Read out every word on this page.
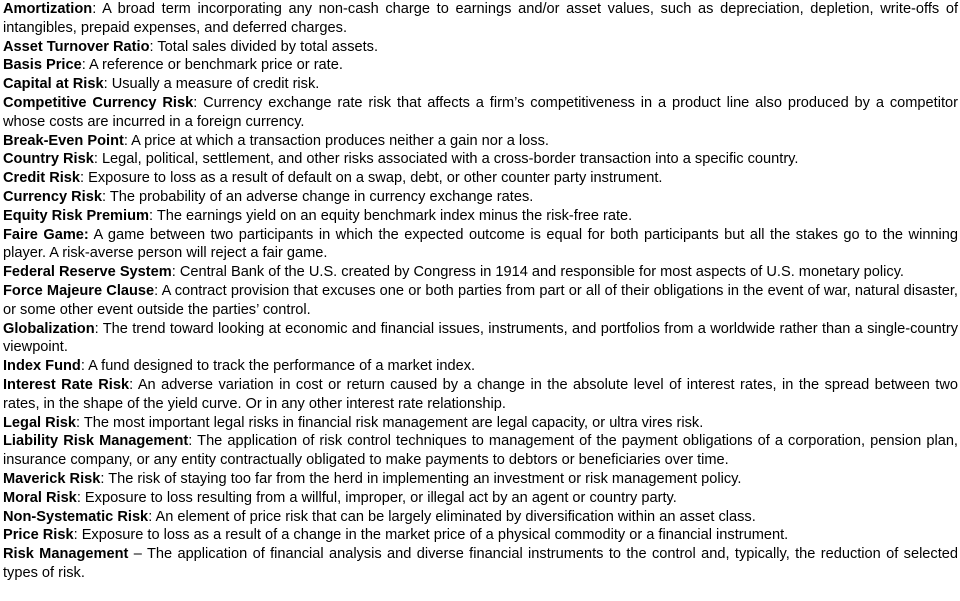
Amortization: A broad term incorporating any non-cash charge to earnings and/or asset values, such as depreciation, depletion, write-offs of intangibles, prepaid expenses, and deferred charges.

Asset Turnover Ratio: Total sales divided by total assets.

Basis Price: A reference or benchmark price or rate.

Capital at Risk: Usually a measure of credit risk.

Competitive Currency Risk: Currency exchange rate risk that affects a firm’s competitiveness in a product line also produced by a competitor whose costs are incurred in a foreign currency.

Break-Even Point: A price at which a transaction produces neither a gain nor a loss.

Country Risk: Legal, political, settlement, and other risks associated with a cross-border transaction into a specific country.

Credit Risk: Exposure to loss as a result of default on a swap, debt, or other counter party instrument.

Currency Risk: The probability of an adverse change in currency exchange rates.

Equity Risk Premium: The earnings yield on an equity benchmark index minus the risk-free rate.

Faire Game: A game between two participants in which the expected outcome is equal for both participants but all the stakes go to the winning player. A risk-averse person will reject a fair game.

Federal Reserve System: Central Bank of the U.S. created by Congress in 1914 and responsible for most aspects of U.S. monetary policy.

Force Majeure Clause: A contract provision that excuses one or both parties from part or all of their obligations in the event of war, natural disaster, or some other event outside the parties’ control.

Globalization: The trend toward looking at economic and financial issues, instruments, and portfolios from a worldwide rather than a single-country viewpoint.

Index Fund: A fund designed to track the performance of a market index.

Interest Rate Risk: An adverse variation in cost or return caused by a change in the absolute level of interest rates, in the spread between two rates, in the shape of the yield curve. Or in any other interest rate relationship.

Legal Risk: The most important legal risks in financial risk management are legal capacity, or ultra vires risk.

Liability Risk Management: The application of risk control techniques to management of the payment obligations of a corporation, pension plan, insurance company, or any entity contractually obligated to make payments to debtors or beneficiaries over time.

Maverick Risk: The risk of staying too far from the herd in implementing an investment or risk management policy.

Moral Risk: Exposure to loss resulting from a willful, improper, or illegal act by an agent or country party.

Non-Systematic Risk: An element of price risk that can be largely eliminated by diversification within an asset class.

Price Risk: Exposure to loss as a result of a change in the market price of a physical commodity or a financial instrument.

Risk Management – The application of financial analysis and diverse financial instruments to the control and, typically, the reduction of selected types of risk.
